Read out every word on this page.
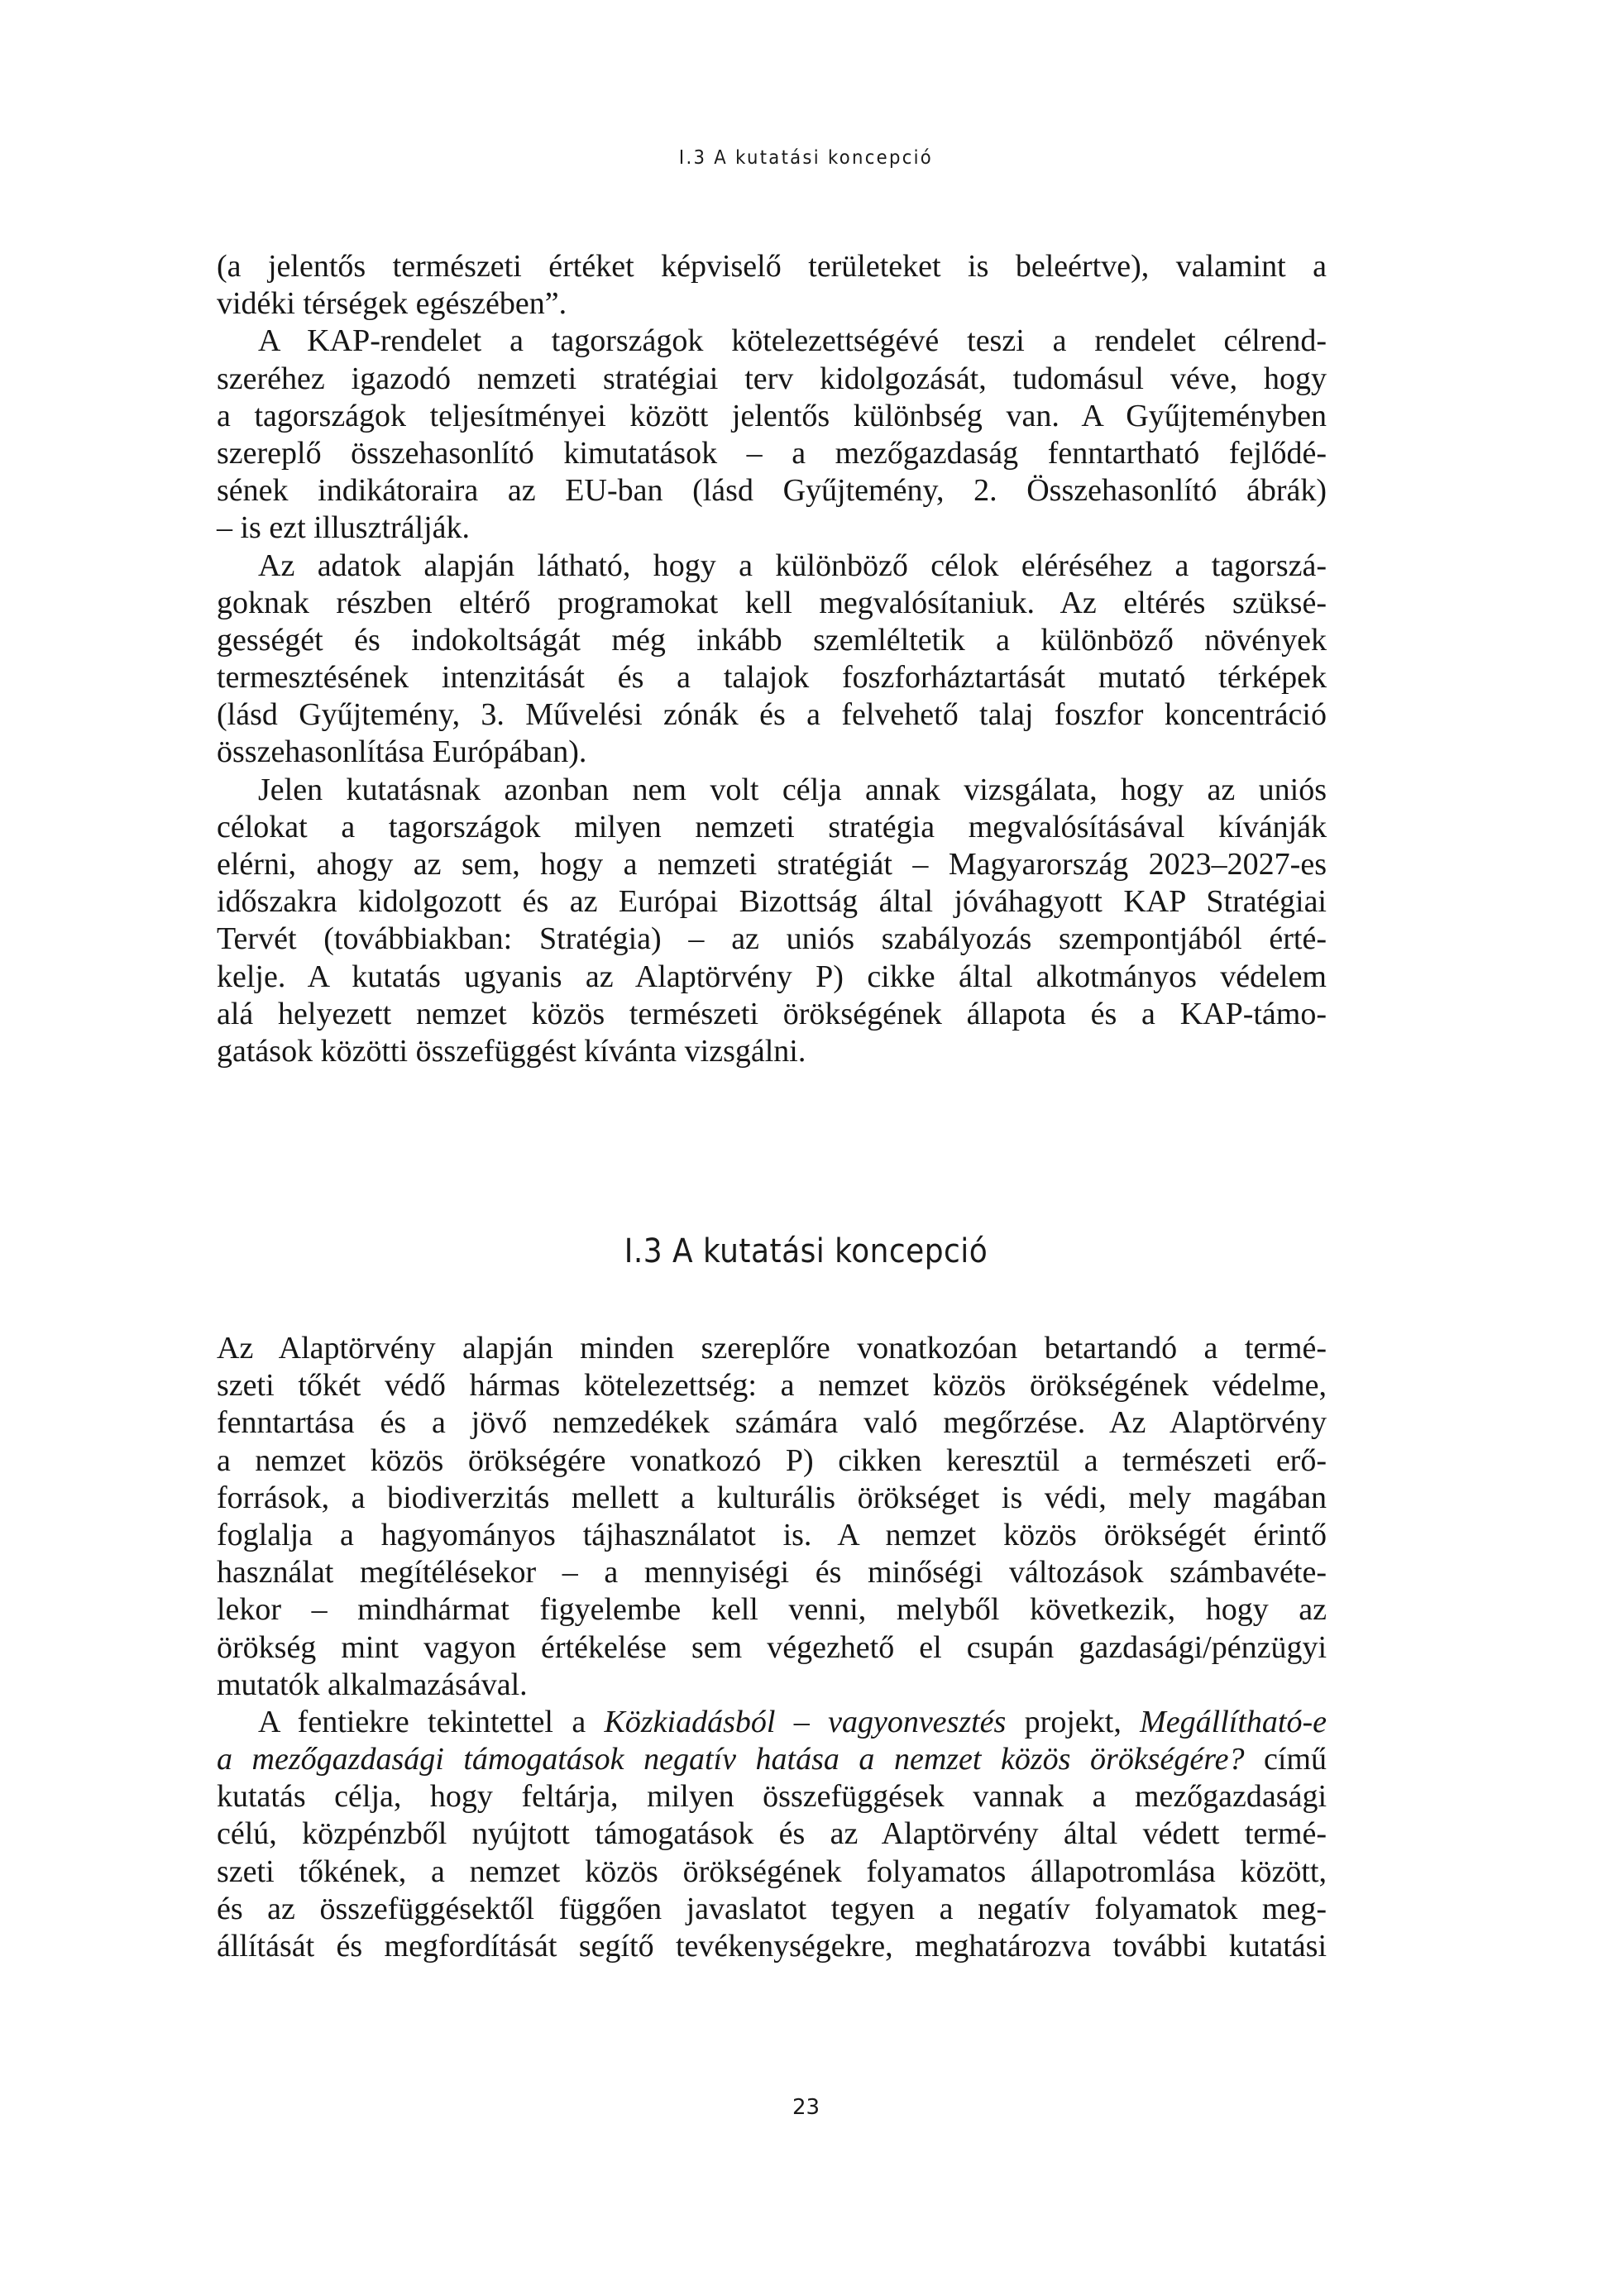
I.3 A kutatási koncepció
(a jelentős természeti értéket képviselő területeket is beleértve), valamint a
vidéki térségek egészében”.
A KAP-rendelet a tagországok kötelezettségévé teszi a rendelet célrend-
szeréhez igazodó nemzeti stratégiai terv kidolgozását, tudomásul véve, hogy
a tagországok teljesítményei között jelentős különbség van. A Gyűjteményben
szereplő összehasonlító kimutatások – a mezőgazdaság fenntartható fejlődé-
sének indikátoraira az EU-ban (lásd Gyűjtemény, 2. Összehasonlító ábrák)
– is ezt illusztrálják.
Az adatok alapján látható, hogy a különböző célok eléréséhez a tagorszá-
goknak részben eltérő programokat kell megvalósítaniuk. Az eltérés szüksé-
gességét és indokoltságát még inkább szemléltetik a különböző növények
termesztésének intenzitását és a talajok foszforháztartását mutató térképek
(lásd Gyűjtemény, 3. Művelési zónák és a felvehető talaj foszfor koncentráció
összehasonlítása Európában).
Jelen kutatásnak azonban nem volt célja annak vizsgálata, hogy az uniós
célokat a tagországok milyen nemzeti stratégia megvalósításával kívánják
elérni, ahogy az sem, hogy a nemzeti stratégiát – Magyarország 2023–2027-es
időszakra kidolgozott és az Európai Bizottság által jóváhagyott KAP Stratégiai
Tervét (továbbiakban: Stratégia) – az uniós szabályozás szempontjából érté-
kelje. A kutatás ugyanis az Alaptörvény P) cikke által alkotmányos védelem
alá helyezett nemzet közös természeti örökségének állapota és a KAP-támo-
gatások közötti összefüggést kívánta vizsgálni.
I.3 A kutatási koncepció
Az Alaptörvény alapján minden szereplőre vonatkozóan betartandó a termé-
szeti tőkét védő hármas kötelezettség: a nemzet közös örökségének védelme,
fenntartása és a jövő nemzedékek számára való megőrzése. Az Alaptörvény
a nemzet közös örökségére vonatkozó P) cikken keresztül a természeti erő-
források, a biodiverzitás mellett a kulturális örökséget is védi, mely magában
foglalja a hagyományos tájhasználatot is. A nemzet közös örökségét érintő
használat megítélésekor – a mennyiségi és minőségi változások számbavéte-
lekor – mindhármat figyelembe kell venni, melyből következik, hogy az
örökség mint vagyon értékelése sem végezhető el csupán gazdasági/pénzügyi
mutatók alkalmazásával.
A fentiekre tekintettel a Közkiadásból – vagyonvesztés projekt, Megállítható-e
a mezőgazdasági támogatások negatív hatása a nemzet közös örökségére? című
kutatás célja, hogy feltárja, milyen összefüggések vannak a mezőgazdasági
célú, közpénzből nyújtott támogatások és az Alaptörvény által védett termé-
szeti tőkének, a nemzet közös örökségének folyamatos állapotromlása között,
és az összefüggésektől függően javaslatot tegyen a negatív folyamatok meg-
állítását és megfordítását segítő tevékenységekre, meghatározva további kutatási
23
